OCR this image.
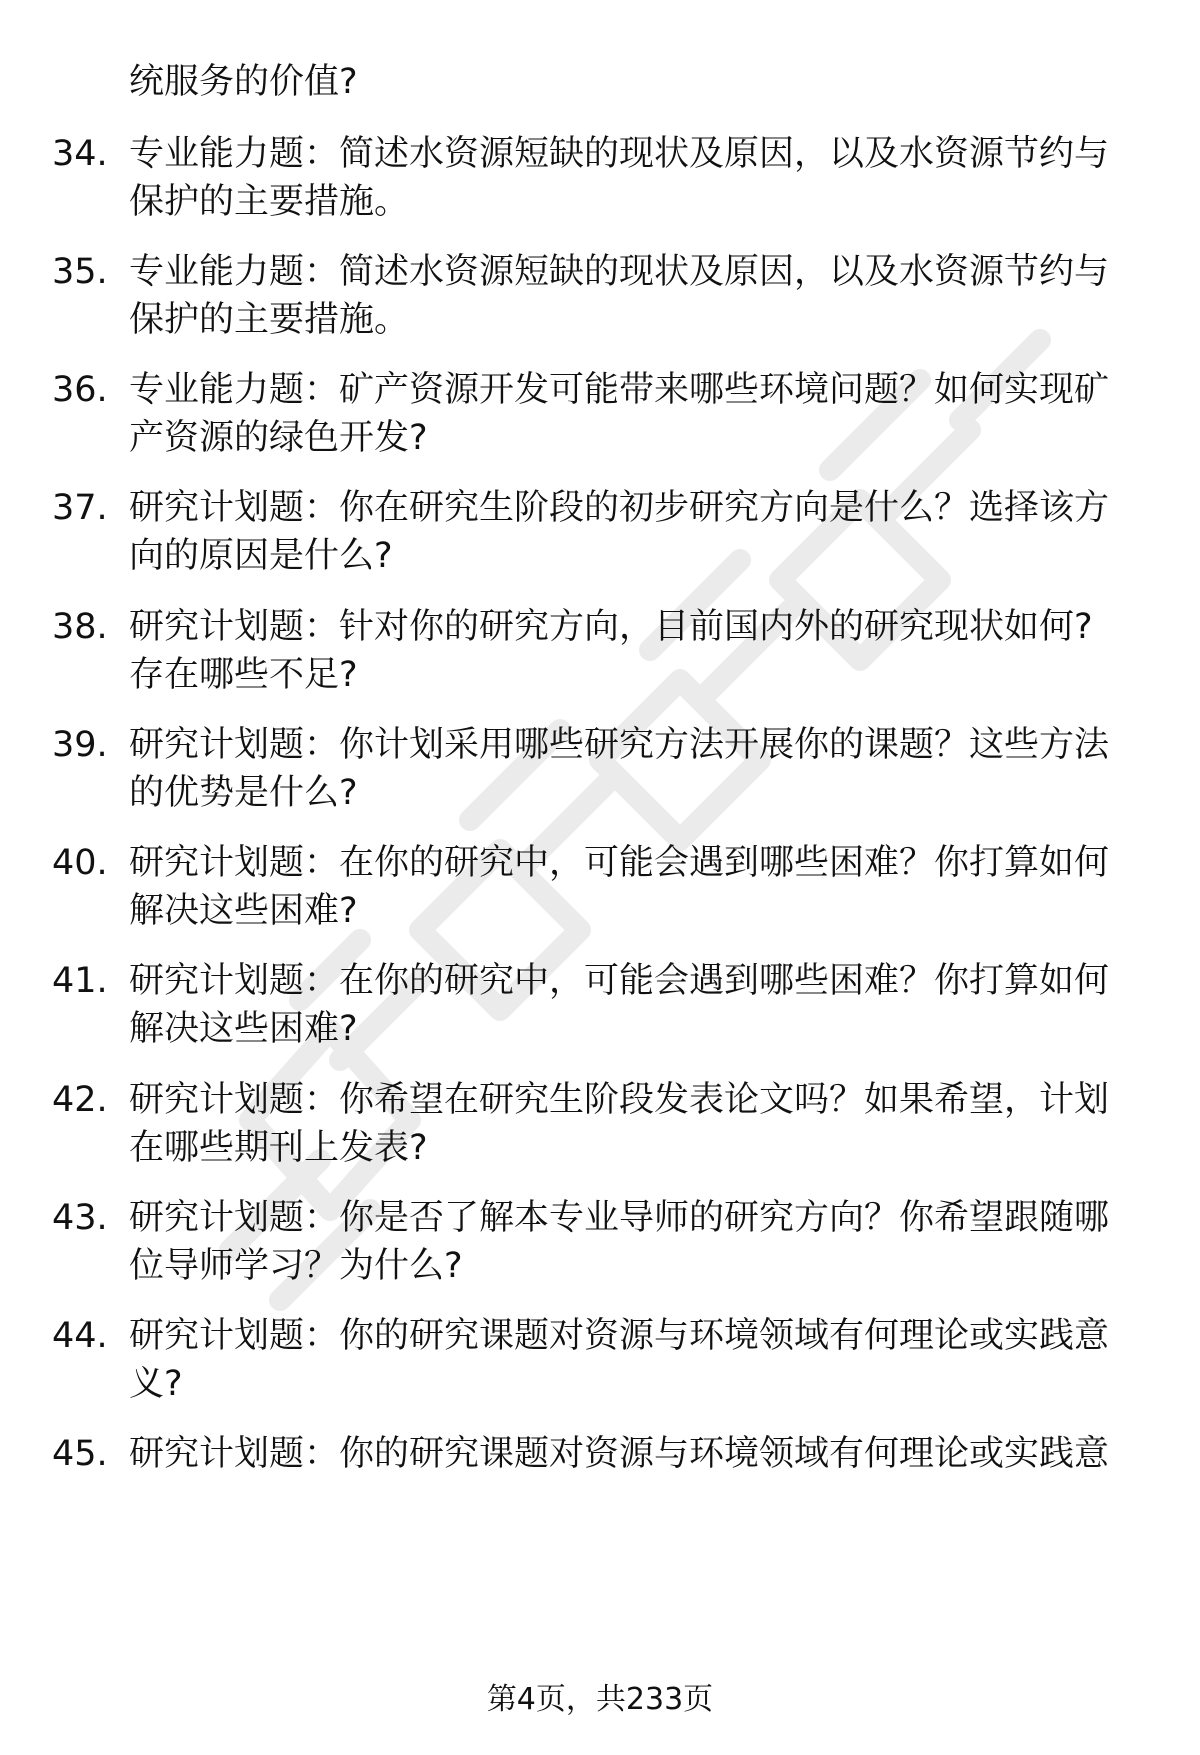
统服务的价值?
34. 专业能力题：简述水资源短缺的现状及原因，以及水资源节约与
保护的主要措施。
35. 专业能力题：简述水资源短缺的现状及原因，以及水资源节约与
保护的主要措施。
36. 专业能力题：矿产资源开发可能带来哪些环境问题？如何实现矿
产资源的绿色开发?
37. 研究计划题：你在研究生阶段的初步研究方向是什么？选择该方
向的原因是什么?
38. 研究计划题：针对你的研究方向，目前国内外的研究现状如何?
存在哪些不足?
39. 研究计划题：你计划采用哪些研究方法开展你的课题？这些方法
的优势是什么?
40. 研究计划题：在你的研究中，可能会遇到哪些困难？你打算如何
解决这些困难?
41. 研究计划题：在你的研究中，可能会遇到哪些困难？你打算如何
解决这些困难?
42. 研究计划题：你希望在研究生阶段发表论文吗？如果希望，计划
在哪些期刊上发表?
43. 研究计划题：你是否了解本专业导师的研究方向？你希望跟随哪
位导师学习？为什么?
44. 研究计划题：你的研究课题对资源与环境领域有何理论或实践意
义?
45. 研究计划题：你的研究课题对资源与环境领域有何理论或实践意
第4页，共233页
